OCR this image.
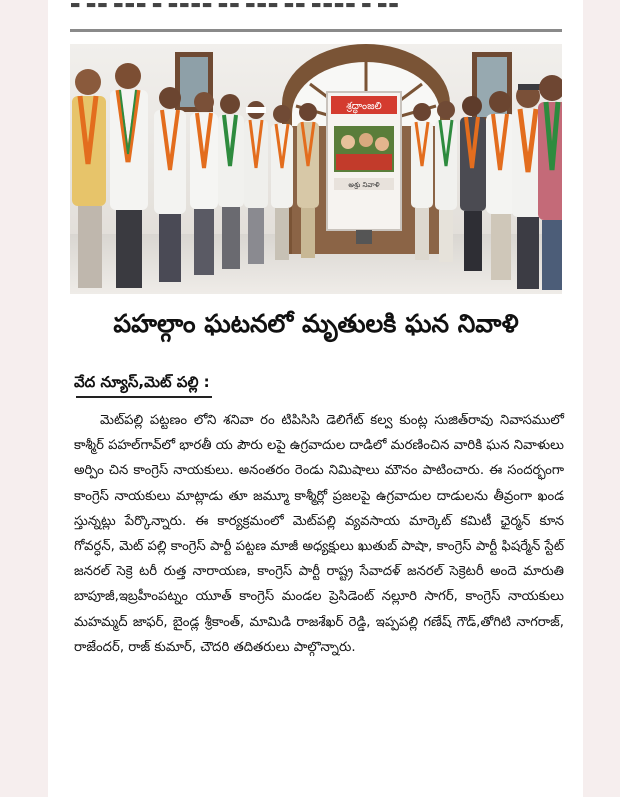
▬ ▬▬ ▬▬▬ ▬ ▬▬▬▬ ▬▬ ▬▬▬ ▬▬ ▬▬▬▬ ▬ ▬▬
శ్రద్ధాంజలి
అశ్రు నివాళి
పహల్గాం ఘటనలో మృతులకి ఘన నివాళి
వేద న్యూస్,మెట్ పల్లి :
మెట్‌పల్లి పట్టణం లోని శనివా రం టిపిసిసి డెలిగేట్ కల్వ కుంట్ల సుజిత్‌రావు నివాసములో కాశ్మీర్ పహల్‌గావ్‌లో భారతీ య పౌరు లపై ఉగ్రవాదుల దాడిలో మరణించిన వారికి ఘన నివాళులు అర్పిం చిన కాంగ్రెస్ నాయకులు. అనంతరం రెండు నిమిషాలు మౌనం పాటించారు. ఈ సందర్భంగా కాంగ్రెస్ నాయకులు మాట్లాడు తూ జమ్మూ కాశ్మీర్లో ప్రజలపై ఉగ్రవాదుల దాడులను తీవ్రంగా ఖండ స్తున్నట్లు పేర్కొన్నారు. ఈ కార్యక్రమంలో మెట్‌పల్లి వ్యవసాయ మార్కెట్ కమిటీ ఛైర్మన్ కూన గోవర్ధన్, మెట్ పల్లి కాంగ్రెస్ పార్టీ పట్టణ మాజీ అధ్యక్షులు ఖుతుబ్ పాషా, కాంగ్రెస్ పార్టీ ఫిషర్మేన్ స్టేట్ జనరల్ సెక్రె టరీ రుత్త నారాయణ, కాంగ్రెస్ పార్టీ రాష్ట్ర సేవాదళ్ జనరల్ సెక్రెటరీ అందె మారుతి బాపూజీ,ఇబ్రహీంపట్నం యూత్ కాంగ్రెస్ మండల ప్రెసిడెంట్ నల్లూరి సాగర్, కాంగ్రెస్ నాయకులు మహమ్మద్ జాఫర్, బైండ్ల శ్రీకాంత్, మామిడి రాజశేఖర్ రెడ్డి, ఇప్పపల్లి గణేష్ గౌడ్,తోగిటి నాగరాజ్, రాజేందర్, రాజ్ కుమార్, చౌదరి తదితరులు పాల్గొన్నారు.
